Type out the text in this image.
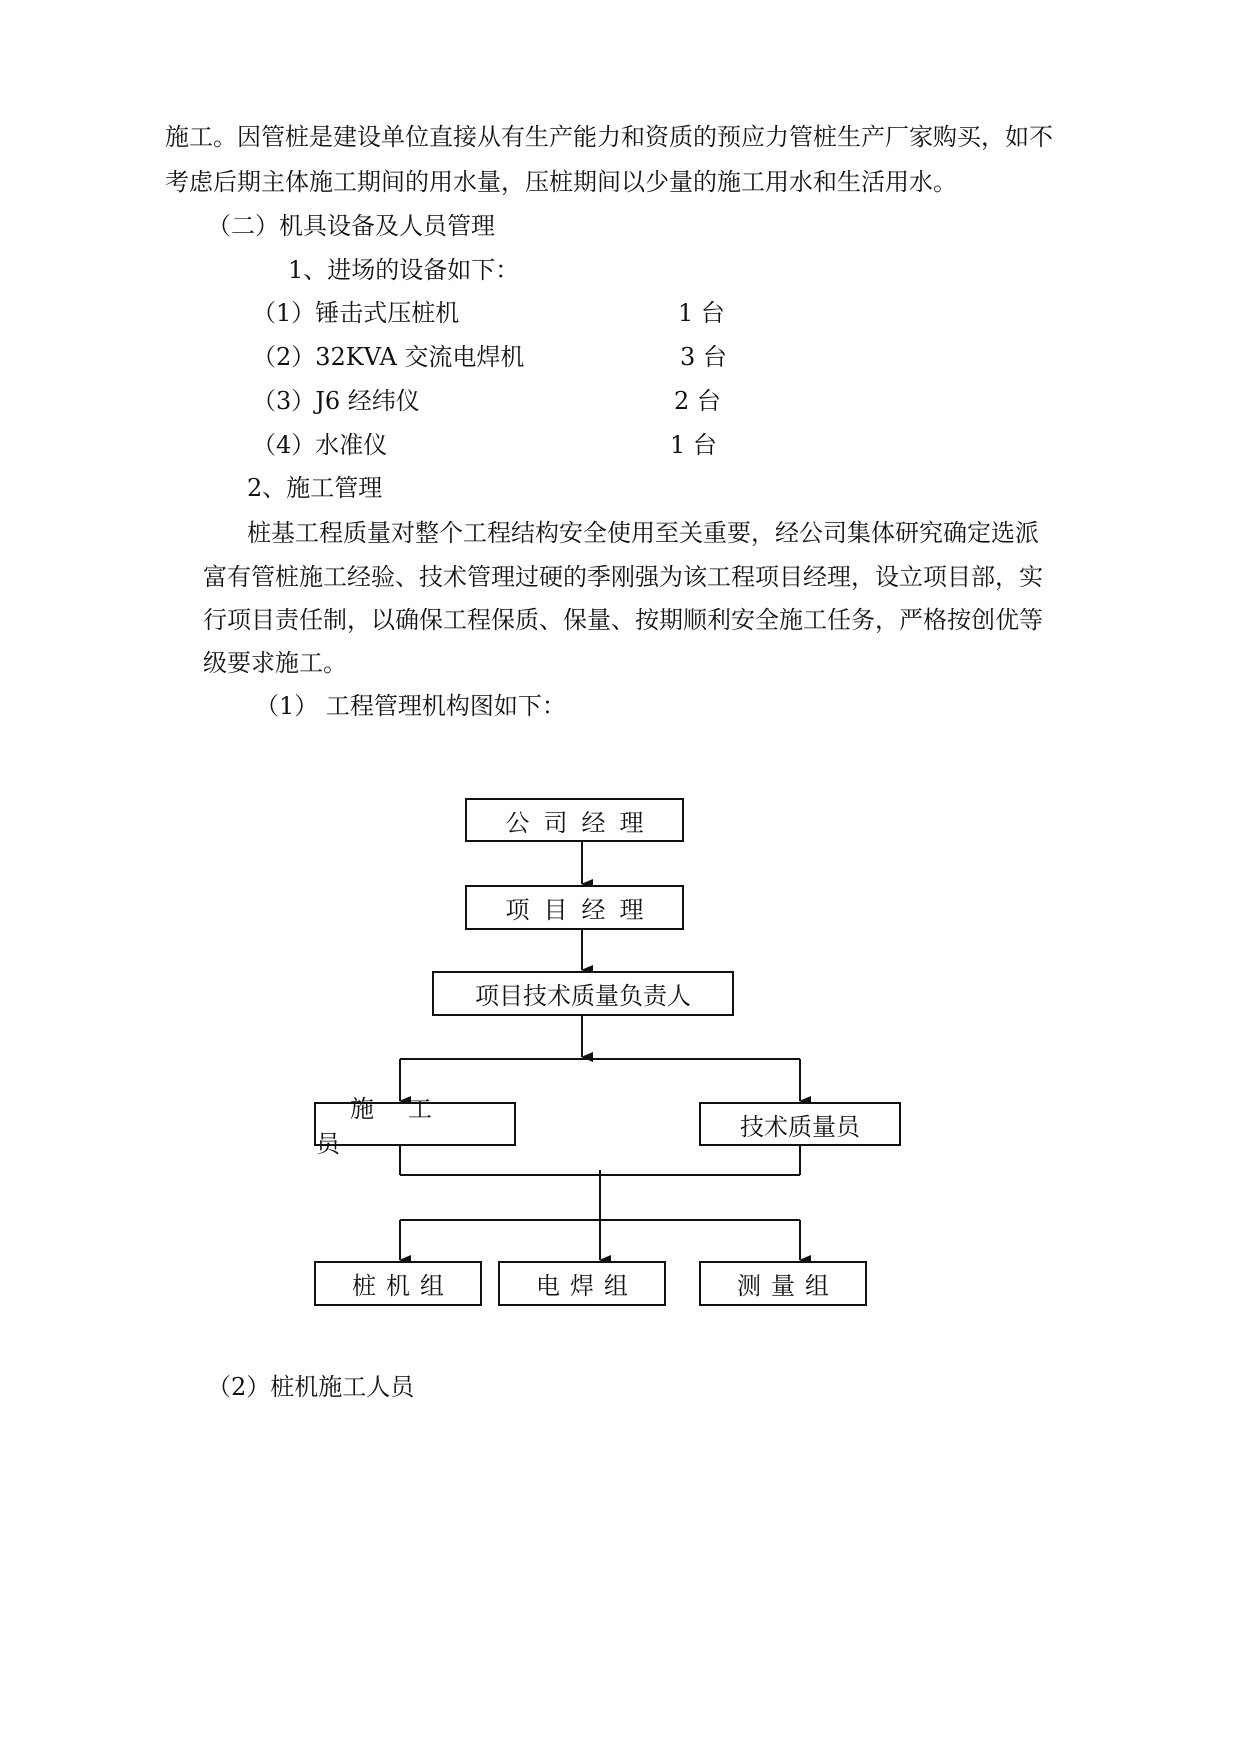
施工。因管桩是建设单位直接从有生产能力和资质的预应力管桩生产厂家购买，如不
考虑后期主体施工期间的用水量，压桩期间以少量的施工用水和生活用水。
（二）机具设备及人员管理
1、进场的设备如下：
（1）锤击式压桩机	1 台
（2）32KVA 交流电焊机	3 台
（3）J6 经纬仪	2 台
（4）水准仪	1 台
2、施工管理
桩基工程质量对整个工程结构安全使用至关重要，经公司集体研究确定选派
富有管桩施工经验、技术管理过硬的季刚强为该工程项目经理，设立项目部，实
行项目责任制，以确保工程保质、保量、按期顺利安全施工任务，严格按创优等
级要求施工。
（1） 工程管理机构图如下：
公司经理
项目经理
项目技术质量负责人
施工员
技术质量员
桩机组	电焊组	测量组
（2）桩机施工人员
